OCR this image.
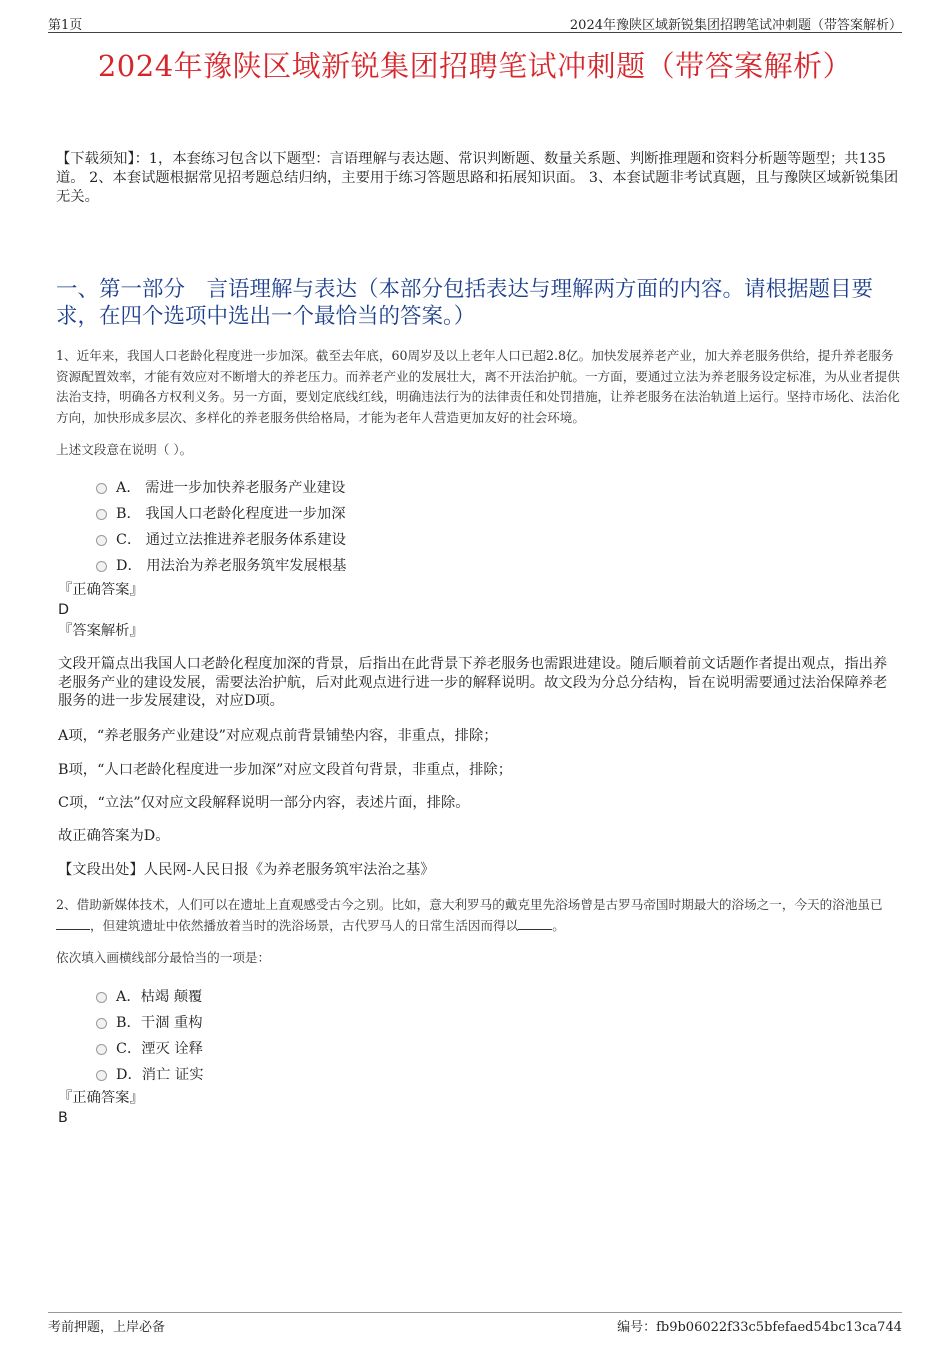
第1页	2024年豫陕区域新锐集团招聘笔试冲刺题（带答案解析）
2024年豫陕区域新锐集团招聘笔试冲刺题（带答案解析）
【下载须知】：1，本套练习包含以下题型：言语理解与表达题、常识判断题、数量关系题、判断推理题和资料分析题等题型；共135道。 2、本套试题根据常见招考题总结归纳，主要用于练习答题思路和拓展知识面。 3、本套试题非考试真题，且与豫陕区域新锐集团无关。
一、第一部分　言语理解与表达（本部分包括表达与理解两方面的内容。请根据题目要求，在四个选项中选出一个最恰当的答案。）
1、近年来，我国人口老龄化程度进一步加深。截至去年底，60周岁及以上老年人口已超2.8亿。加快发展养老产业，加大养老服务供给，提升养老服务资源配置效率，才能有效应对不断增大的养老压力。而养老产业的发展壮大，离不开法治护航。一方面，要通过立法为养老服务设定标准，为从业者提供法治支持，明确各方权利义务。另一方面，要划定底线红线，明确违法行为的法律责任和处罚措施，让养老服务在法治轨道上运行。坚持市场化、法治化方向，加快形成多层次、多样化的养老服务供给格局，才能为老年人营造更加友好的社会环境。
上述文段意在说明（ ）。
A． 需进一步加快养老服务产业建设
B． 我国人口老龄化程度进一步加深
C． 通过立法推进养老服务体系建设
D． 用法治为养老服务筑牢发展根基
『正确答案』
D
『答案解析』
文段开篇点出我国人口老龄化程度加深的背景，后指出在此背景下养老服务也需跟进建设。随后顺着前文话题作者提出观点，指出养老服务产业的建设发展，需要法治护航，后对此观点进行进一步的解释说明。故文段为分总分结构，旨在说明需要通过法治保障养老服务的进一步发展建设，对应D项。
A项，“养老服务产业建设”对应观点前背景铺垫内容，非重点，排除；
B项，“人口老龄化程度进一步加深”对应文段首句背景，非重点，排除；
C项，“立法”仅对应文段解释说明一部分内容，表述片面，排除。
故正确答案为D。
【文段出处】人民网-人民日报《为养老服务筑牢法治之基》
2、借助新媒体技术，人们可以在遗址上直观感受古今之别。比如，意大利罗马的戴克里先浴场曾是古罗马帝国时期最大的浴场之一，今天的浴池虽已，但建筑遗址中依然播放着当时的洗浴场景，古代罗马人的日常生活因而得以	。
依次填入画横线部分最恰当的一项是：
A．枯竭 颠覆
B．干涸 重构
C．湮灭 诠释
D．消亡 证实
『正确答案』
B
考前押题，上岸必备	编号：fb9b06022f33c5bfefaed54bc13ca744
